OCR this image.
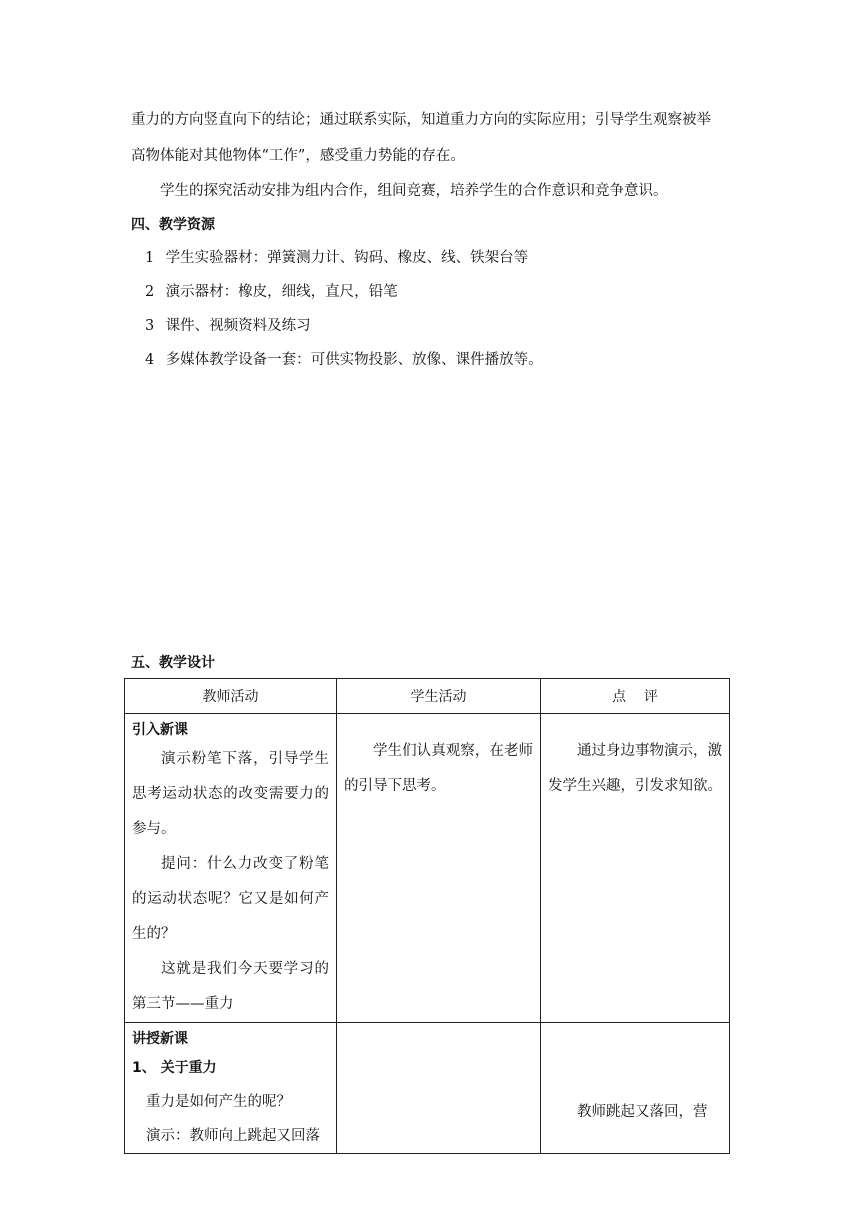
重力的方向竖直向下的结论；通过联系实际，知道重力方向的实际应用；引导学生观察被举
高物体能对其他物体“工作”，感受重力势能的存在。
学生的探究活动安排为组内合作，组间竞赛，培养学生的合作意识和竞争意识。
四、教学资源
1 学生实验器材：弹簧测力计、钩码、橡皮、线、铁架台等
2 演示器材：橡皮，细线，直尺，铅笔
3 课件、视频资料及练习
4 多媒体教学设备一套：可供实物投影、放像、课件播放等。
五、教学设计
教师活动	学生活动	点    评

引入新课
演示粉笔下落，引导学生思考运动状态的改变需要力的参与。
提问：什么力改变了粉笔的运动状态呢？它又是如何产生的？
这就是我们今天要学习的第三节——重力	学生们认真观察，在老师的引导下思考。	通过身边事物演示，激发学生兴趣，引发求知欲。

讲授新课
1、 关于重力
重力是如何产生的呢？
演示：教师向上跳起又回落		教师跳起又落回，营
